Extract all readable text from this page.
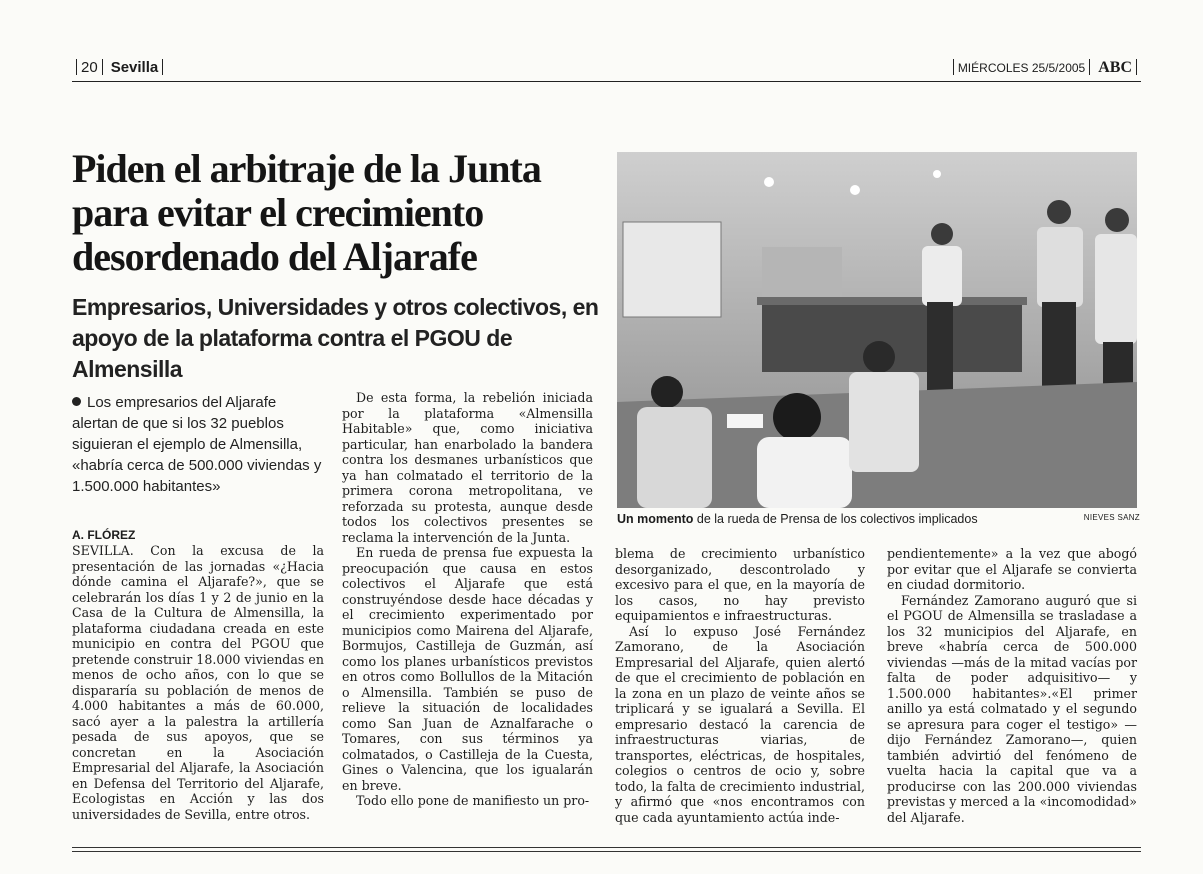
20 Sevilla	MIÉRCOLES 25/5/2005 ABC
Piden el arbitraje de la Junta para evitar el crecimiento desordenado del Aljarafe
Empresarios, Universidades y otros colectivos, en apoyo de la plataforma contra el PGOU de Almensilla

Los empresarios del Aljarafe alertan de que si los 32 pueblos siguieran el ejemplo de Almensilla, «habría cerca de 500.000 viviendas y 1.500.000 habitantes»

A. FLÓREZ

SEVILLA. Con la excusa de la presentación de las jornadas «¿Hacia dónde camina el Aljarafe?», que se celebrarán los días 1 y 2 de junio en la Casa de la Cultura de Almensilla, la plataforma ciudadana creada en este municipio en contra del PGOU que pretende construir 18.000 viviendas en menos de ocho años, con lo que se dispararía su población de menos de 4.000 habitantes a más de 60.000, sacó ayer a la palestra la artillería pesada de sus apoyos, que se concretan en la Asociación Empresarial del Aljarafe, la Asociación en Defensa del Territorio del Aljarafe, Ecologistas en Acción y las dos universidades de Sevilla, entre otros.

De esta forma, la rebelión iniciada por la plataforma «Almensilla Habitable» que, como iniciativa particular, han enarbolado la bandera contra los desmanes urbanísticos que ya han colmatado el territorio de la primera corona metropolitana, ve reforzada su protesta, aunque desde todos los colectivos presentes se reclama la intervención de la Junta.

En rueda de prensa fue expuesta la preocupación que causa en estos colectivos el Aljarafe que está construyéndose desde hace décadas y el crecimiento experimentado por municipios como Mairena del Aljarafe, Bormujos, Castilleja de Guzmán, así como los planes urbanísticos previstos en otros como Bollullos de la Mitación o Almensilla. También se puso de relieve la situación de localidades como San Juan de Aznalfarache o Tomares, con sus términos ya colmatados, o Castilleja de la Cuesta, Gines o Valencina, que los igualarán en breve.

Todo ello pone de manifiesto un pro-

blema de crecimiento urbanístico desorganizado, descontrolado y excesivo para el que, en la mayoría de los casos, no hay previsto equipamientos e infraestructuras.

Así lo expuso José Fernández Zamorano, de la Asociación Empresarial del Aljarafe, quien alertó de que el crecimiento de población en la zona en un plazo de veinte años se triplicará y se igualará a Sevilla. El empresario destacó la carencia de infraestructuras viarias, de transportes, eléctricas, de hospitales, colegios o centros de ocio y, sobre todo, la falta de crecimiento industrial, y afirmó que «nos encontramos con que cada ayuntamiento actúa inde-

pendientemente» a la vez que abogó por evitar que el Aljarafe se convierta en ciudad dormitorio.

Fernández Zamorano auguró que si el PGOU de Almensilla se trasladase a los 32 municipios del Aljarafe, en breve «habría cerca de 500.000 viviendas —más de la mitad vacías por falta de poder adquisitivo— y 1.500.000 habitantes».«El primer anillo ya está colmatado y el segundo se apresura para coger el testigo» —dijo Fernández Zamorano—, quien también advirtió del fenómeno de vuelta hacia la capital que va a producirse con las 200.000 viviendas previstas y merced a la «incomodidad» del Aljarafe.

Un momento de la rueda de Prensa de los colectivos implicados	NIEVES SANZ
